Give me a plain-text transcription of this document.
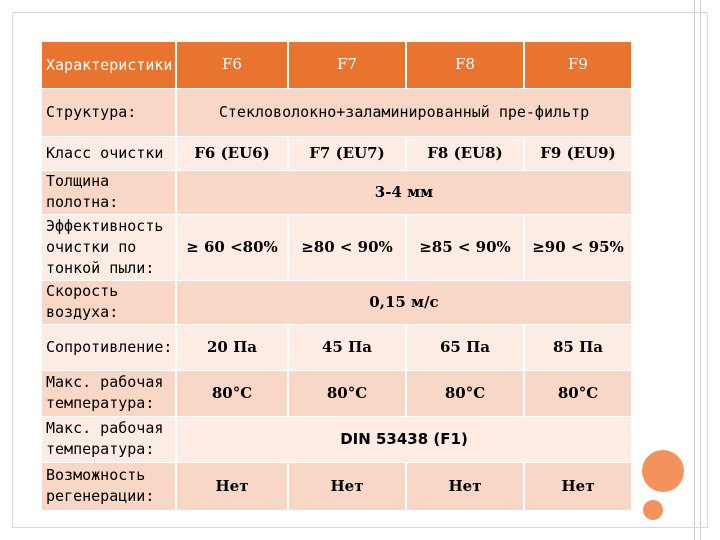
Характеристики	F6	F7	F8	F9
Структура:	Стекловолокно+заламинированный пре-фильтр			
Класс очистки	F6 (EU6)	F7 (EU7)	F8 (EU8)	F9 (EU9)
Толщина полотна:	3-4 мм			
Эффективность очистки по тонкой пыли:	≥ 60 <80%	≥80 < 90%	≥85 < 90%	≥90 < 95%
Скорость воздуха:	0,15 м/с			
Сопротивление:	20 Па	45 Па	65 Па	85 Па
Макс. рабочая температура:	80°С	80°С	80°С	80°С
Макс. рабочая температура:	DIN 53438 (F1)			
Возможность регенерации:	Нет	Нет	Нет	Нет
